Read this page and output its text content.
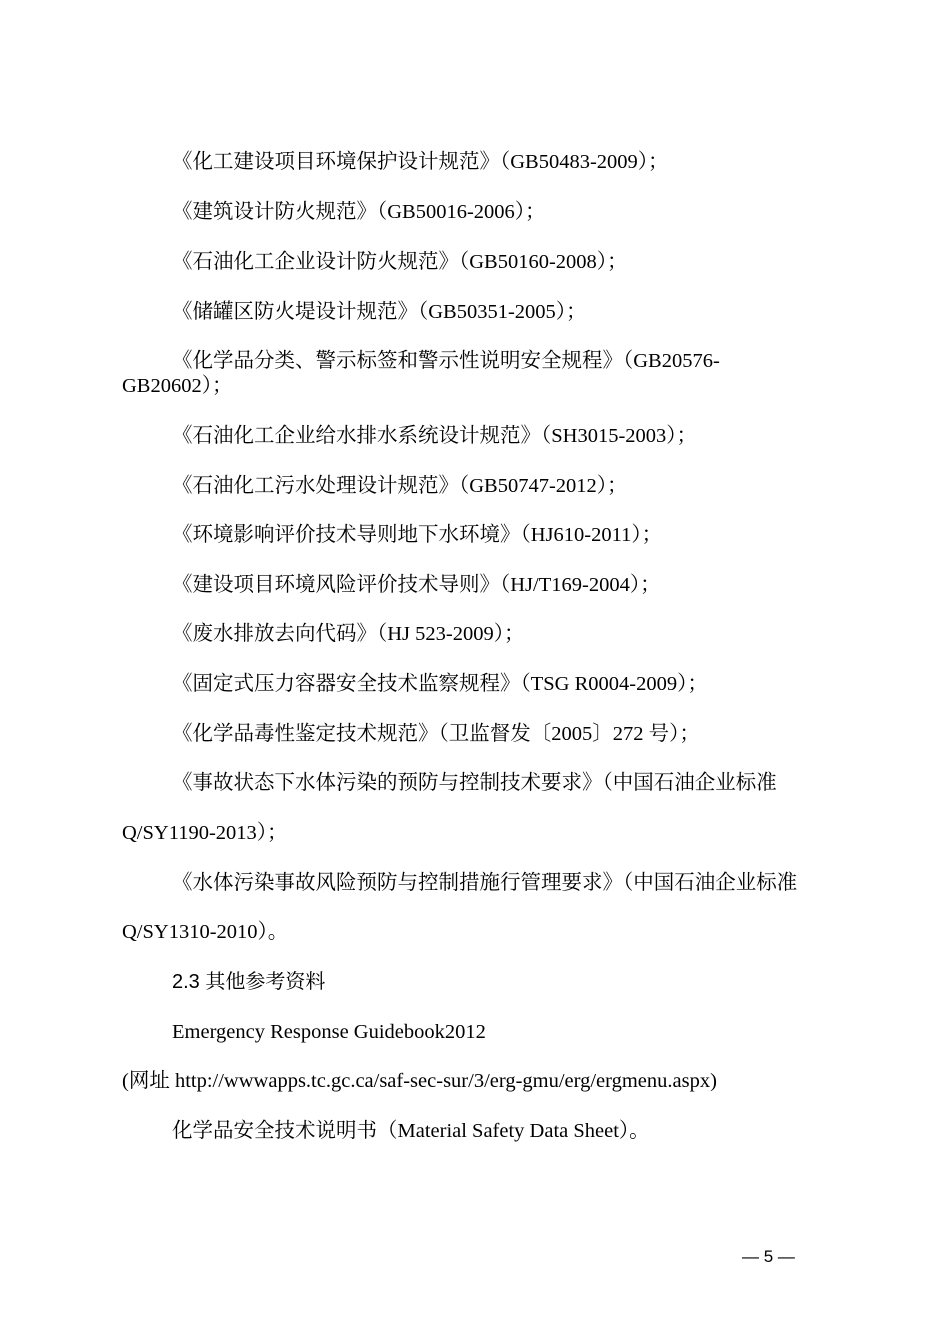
《化工建设项目环境保护设计规范》（GB50483-2009）；
《建筑设计防火规范》（GB50016-2006）；
《石油化工企业设计防火规范》（GB50160-2008）；
《储罐区防火堤设计规范》（GB50351-2005）；
《化学品分类、警示标签和警示性说明安全规程》（GB20576-
GB20602）；
《石油化工企业给水排水系统设计规范》（SH3015-2003）；
《石油化工污水处理设计规范》（GB50747-2012）；
《环境影响评价技术导则地下水环境》（HJ610-2011）；
《建设项目环境风险评价技术导则》（HJ/T169-2004）；
《废水排放去向代码》（HJ 523-2009）；
《固定式压力容器安全技术监察规程》（TSG R0004-2009）；
《化学品毒性鉴定技术规范》（卫监督发〔2005〕272 号）；
《事故状态下水体污染的预防与控制技术要求》（中国石油企业标准
Q/SY1190-2013）；
《水体污染事故风险预防与控制措施行管理要求》（中国石油企业标准
Q/SY1310-2010）。
2.3 其他参考资料
Emergency Response Guidebook2012
(网址 http://wwwapps.tc.gc.ca/saf-sec-sur/3/erg-gmu/erg/ergmenu.aspx)
化学品安全技术说明书（Material Safety Data Sheet）。
— 5 —
